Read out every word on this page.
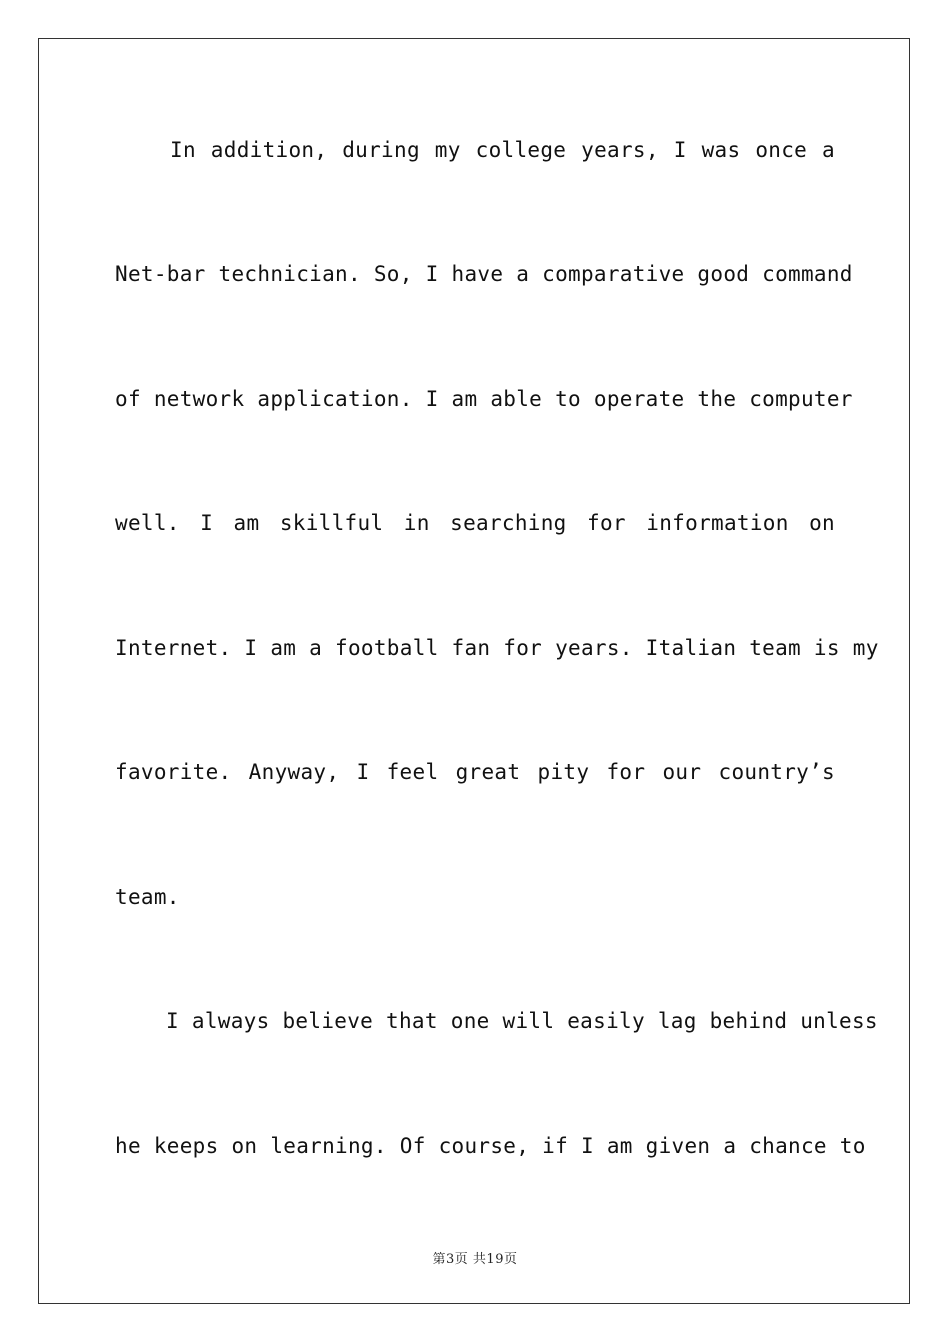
In addition, during my college years, I was once a
Net-bar technician. So, I have a comparative good command
of network application. I am able to operate the computer
well. I am skillful in searching for information on
Internet. I am a football fan for years. Italian team is my
favorite. Anyway, I feel great pity for our country’s
team.
I always believe that one will easily lag behind unless
he keeps on learning. Of course, if I am given a chance to
第3页 共19页
